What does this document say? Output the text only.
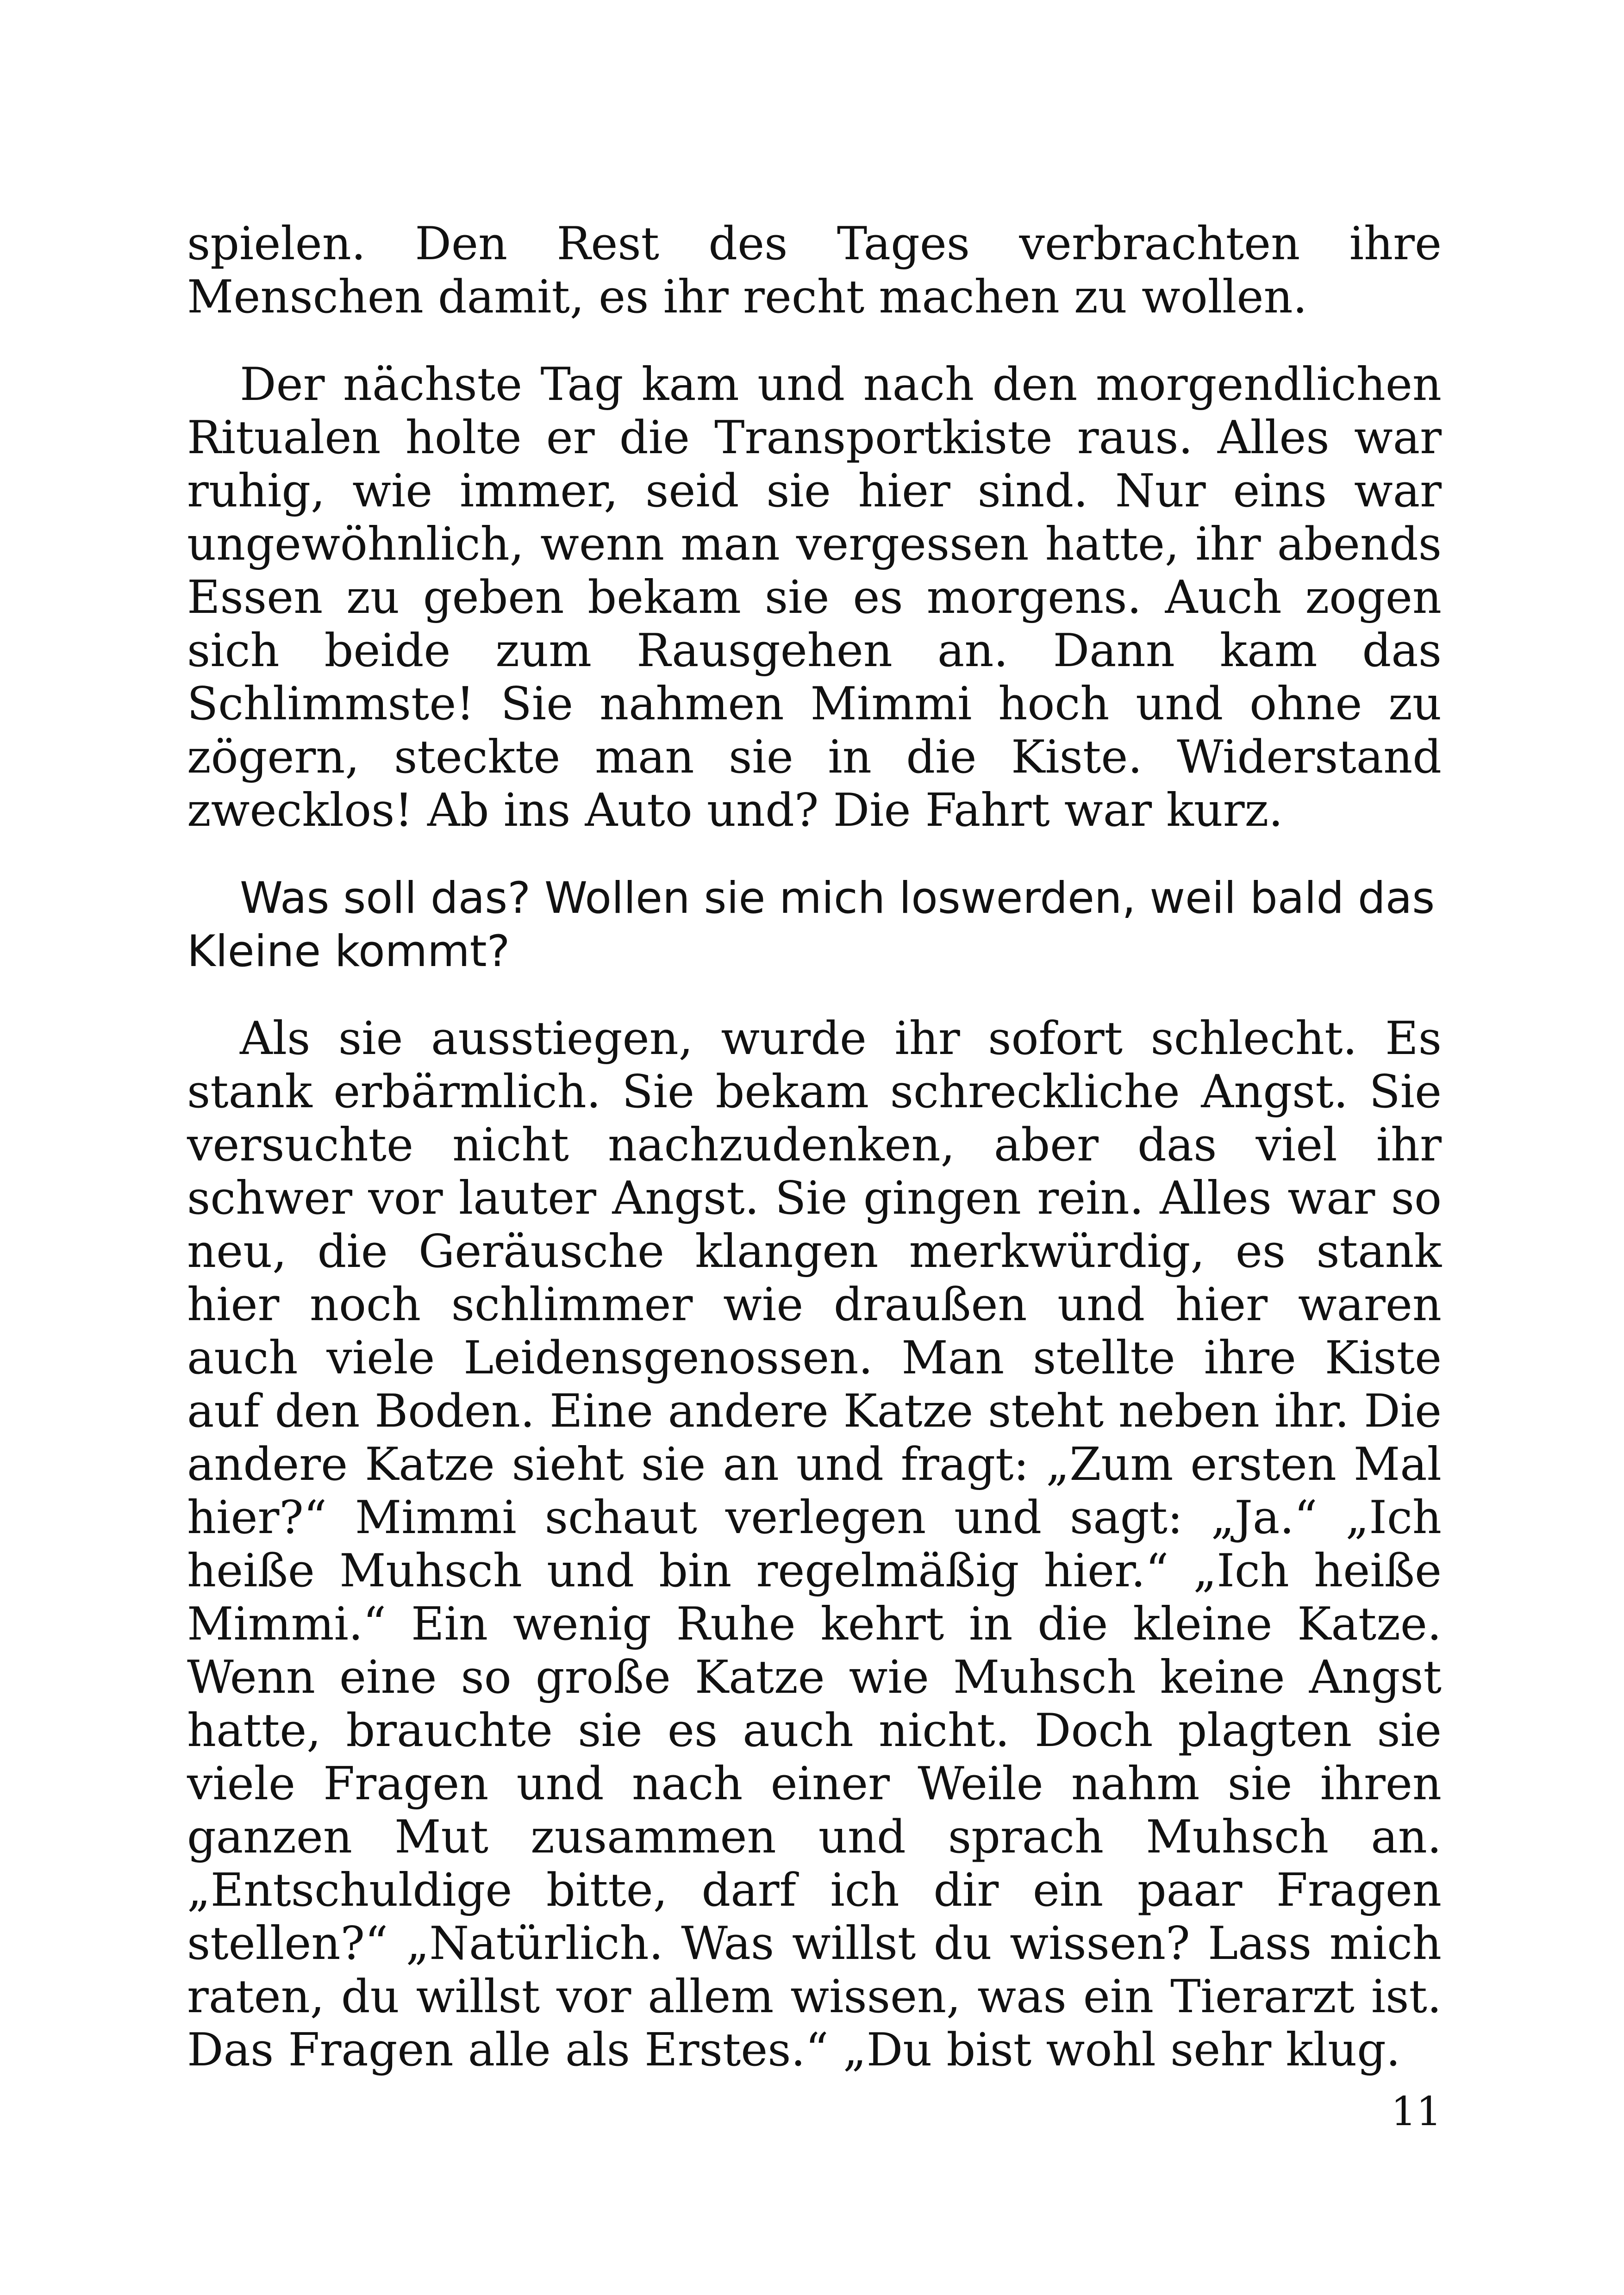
spielen. Den Rest des Tages verbrachten ihre Menschen damit, es ihr recht machen zu wollen.

Der nächste Tag kam und nach den morgendlichen Ritualen holte er die Transportkiste raus. Alles war ruhig, wie immer, seid sie hier sind. Nur eins war ungewöhnlich, wenn man vergessen hatte, ihr abends Essen zu geben bekam sie es morgens. Auch zogen sich beide zum Rausgehen an. Dann kam das Schlimmste! Sie nahmen Mimmi hoch und ohne zu zögern, steckte man sie in die Kiste. Widerstand zwecklos! Ab ins Auto und? Die Fahrt war kurz.

Was soll das? Wollen sie mich loswerden, weil bald das Kleine kommt?

Als sie ausstiegen, wurde ihr sofort schlecht. Es stank erbärmlich. Sie bekam schreckliche Angst. Sie versuchte nicht nachzudenken, aber das viel ihr schwer vor lauter Angst. Sie gingen rein. Alles war so neu, die Geräusche klangen merkwürdig, es stank hier noch schlimmer wie draußen und hier waren auch viele Leidensgenossen. Man stellte ihre Kiste auf den Boden. Eine andere Katze steht neben ihr. Die andere Katze sieht sie an und fragt: „Zum ersten Mal hier?“ Mimmi schaut verlegen und sagt: „Ja.“ „Ich heiße Muhsch und bin regelmäßig hier.“ „Ich heiße Mimmi.“ Ein wenig Ruhe kehrt in die kleine Katze. Wenn eine so große Katze wie Muhsch keine Angst hatte, brauchte sie es auch nicht. Doch plagten sie viele Fragen und nach einer Weile nahm sie ihren ganzen Mut zusammen und sprach Muhsch an. „Entschuldige bitte, darf ich dir ein paar Fragen stellen?“ „Natürlich. Was willst du wissen? Lass mich raten, du willst vor allem wissen, was ein Tierarzt ist. Das Fragen alle als Erstes.“ „Du bist wohl sehr klug.

11
